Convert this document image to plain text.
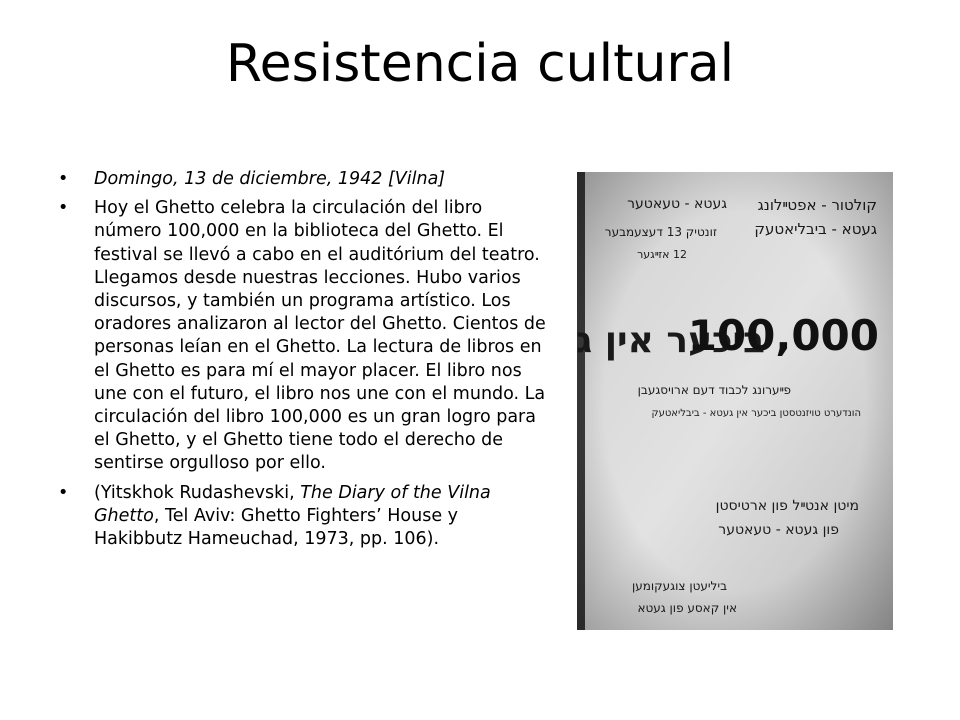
Resistencia cultural
• Domingo, 13 de diciembre, 1942 [Vilna]
• Hoy el Ghetto celebra la circulación del libro número 100,000 en la biblioteca del Ghetto. El festival se llevó a cabo en el auditórium del teatro. Llegamos desde nuestras lecciones. Hubo varios discursos, y también un programa artístico. Los oradores analizaron al lector del Ghetto. Cientos de personas leían en el Ghetto. La lectura de libros en el Ghetto es para mí el mayor placer. El libro nos une con el futuro, el libro nos une con el mundo. La circulación del libro 100,000 es un gran logro para el Ghetto, y el Ghetto tiene todo el derecho de sentirse orgulloso por ello.
• (Yitskhok Rudashevski, The Diary of the Vilna Ghetto, Tel Aviv: Ghetto Fighters’ House y Hakibbutz Hameuchad, 1973, pp. 106).
